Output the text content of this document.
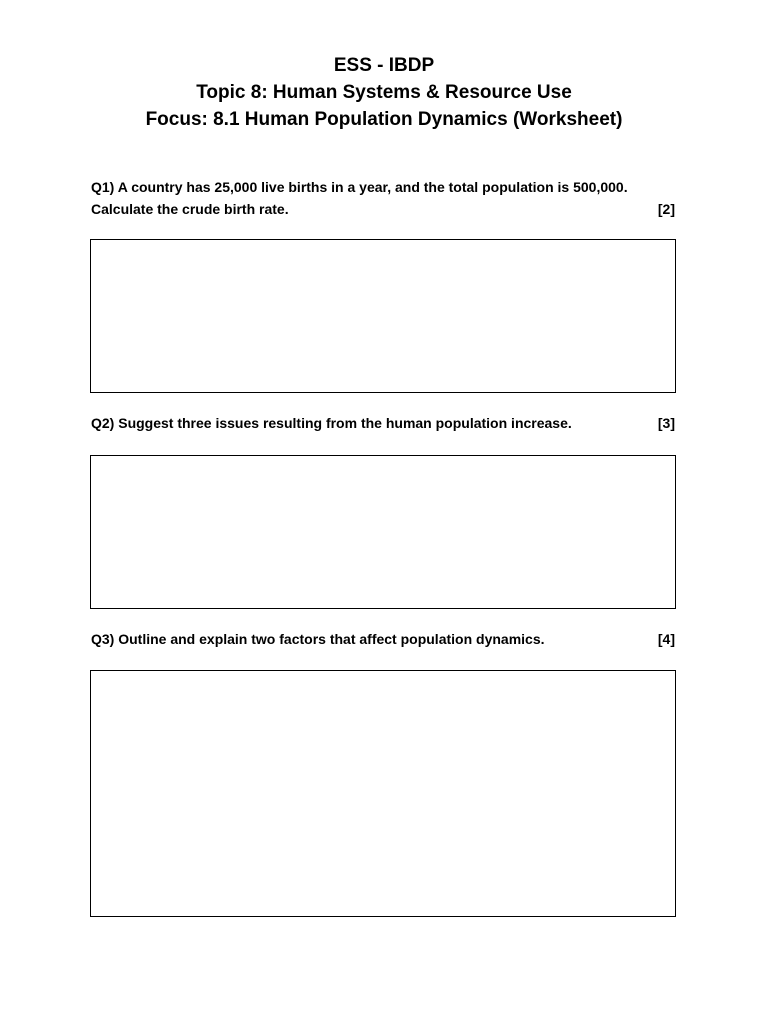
ESS - IBDP
Topic 8: Human Systems & Resource Use
Focus: 8.1 Human Population Dynamics (Worksheet)
Q1) A country has 25,000 live births in a year, and the total population is 500,000.
Calculate the crude birth rate.	[2]
Q2) Suggest three issues resulting from the human population increase.	[3]
Q3) Outline and explain two factors that affect population dynamics.	[4]
